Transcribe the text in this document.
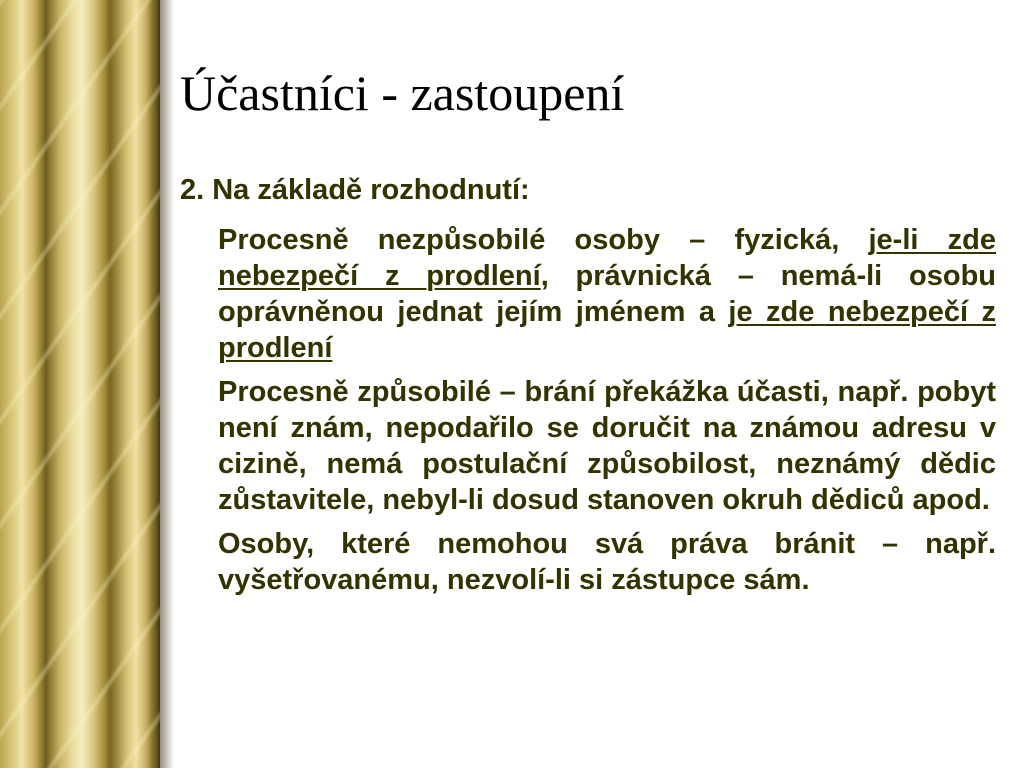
Účastníci - zastoupení

2. Na základě rozhodnutí:

Procesně nezpůsobilé osoby – fyzická, je-li zde nebezpečí z prodlení, právnická – nemá-li osobu oprávněnou jednat jejím jménem a je zde nebezpečí z prodlení

Procesně způsobilé – brání překážka účasti, např. pobyt není znám, nepodařilo se doručit na známou adresu v cizině, nemá postulační způsobilost, neznámý dědic zůstavitele, nebyl-li dosud stanoven okruh dědiců apod.

Osoby, které nemohou svá práva bránit – např. vyšetřovanému, nezvolí-li si zástupce sám.
